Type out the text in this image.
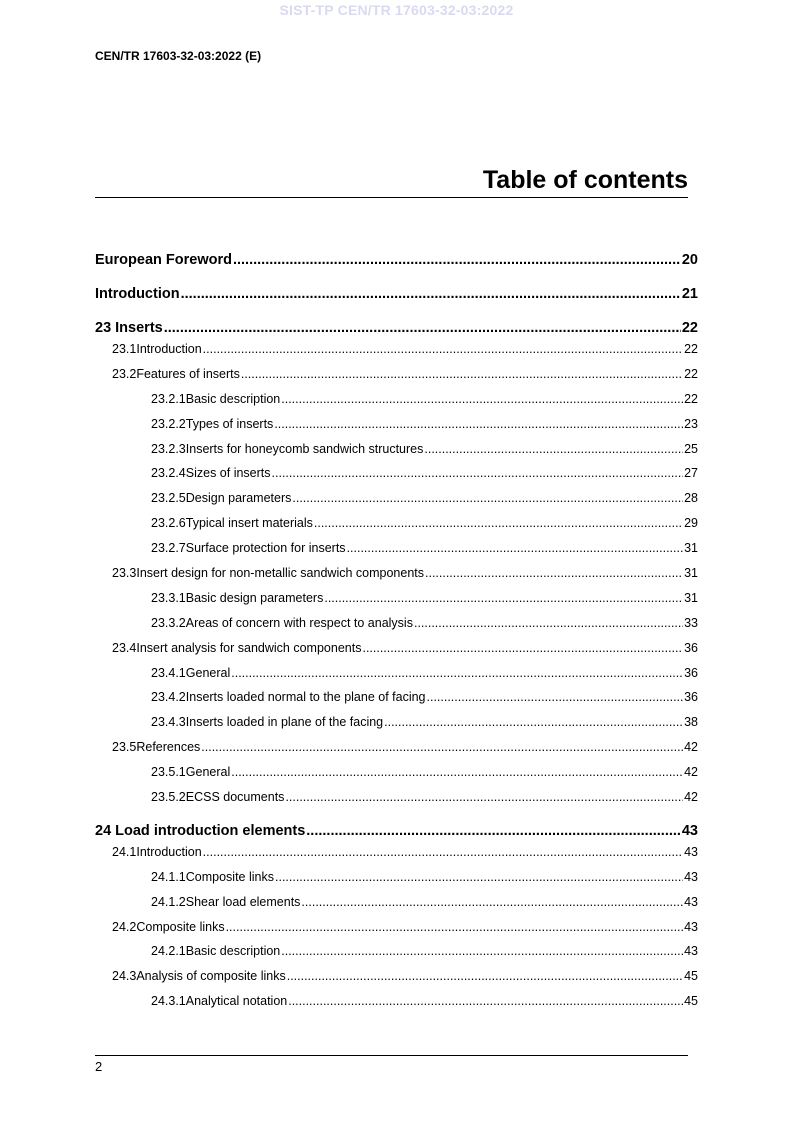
SIST-TP CEN/TR 17603-32-03:2022
CEN/TR 17603-32-03:2022 (E)
Table of contents
European Foreword .....	20
Introduction .....	21
23 Inserts .....	22
23.1 Introduction .....	22
23.2 Features of inserts .....	22
23.2.1 Basic description .....	22
23.2.2 Types of inserts .....	23
23.2.3 Inserts for honeycomb sandwich structures .....	25
23.2.4 Sizes of inserts .....	27
23.2.5 Design parameters .....	28
23.2.6 Typical insert materials .....	29
23.2.7 Surface protection for inserts .....	31
23.3 Insert design for non-metallic sandwich components .....	31
23.3.1 Basic design parameters .....	31
23.3.2 Areas of concern with respect to analysis .....	33
23.4 Insert analysis for sandwich components .....	36
23.4.1 General .....	36
23.4.2 Inserts loaded normal to the plane of facing .....	36
23.4.3 Inserts loaded in plane of the facing .....	38
23.5 References .....	42
23.5.1 General .....	42
23.5.2 ECSS documents .....	42
24 Load introduction elements .....	43
24.1 Introduction .....	43
24.1.1 Composite links .....	43
24.1.2 Shear load elements .....	43
24.2 Composite links .....	43
24.2.1 Basic description .....	43
24.3 Analysis of composite links .....	45
24.3.1 Analytical notation .....	45
2
